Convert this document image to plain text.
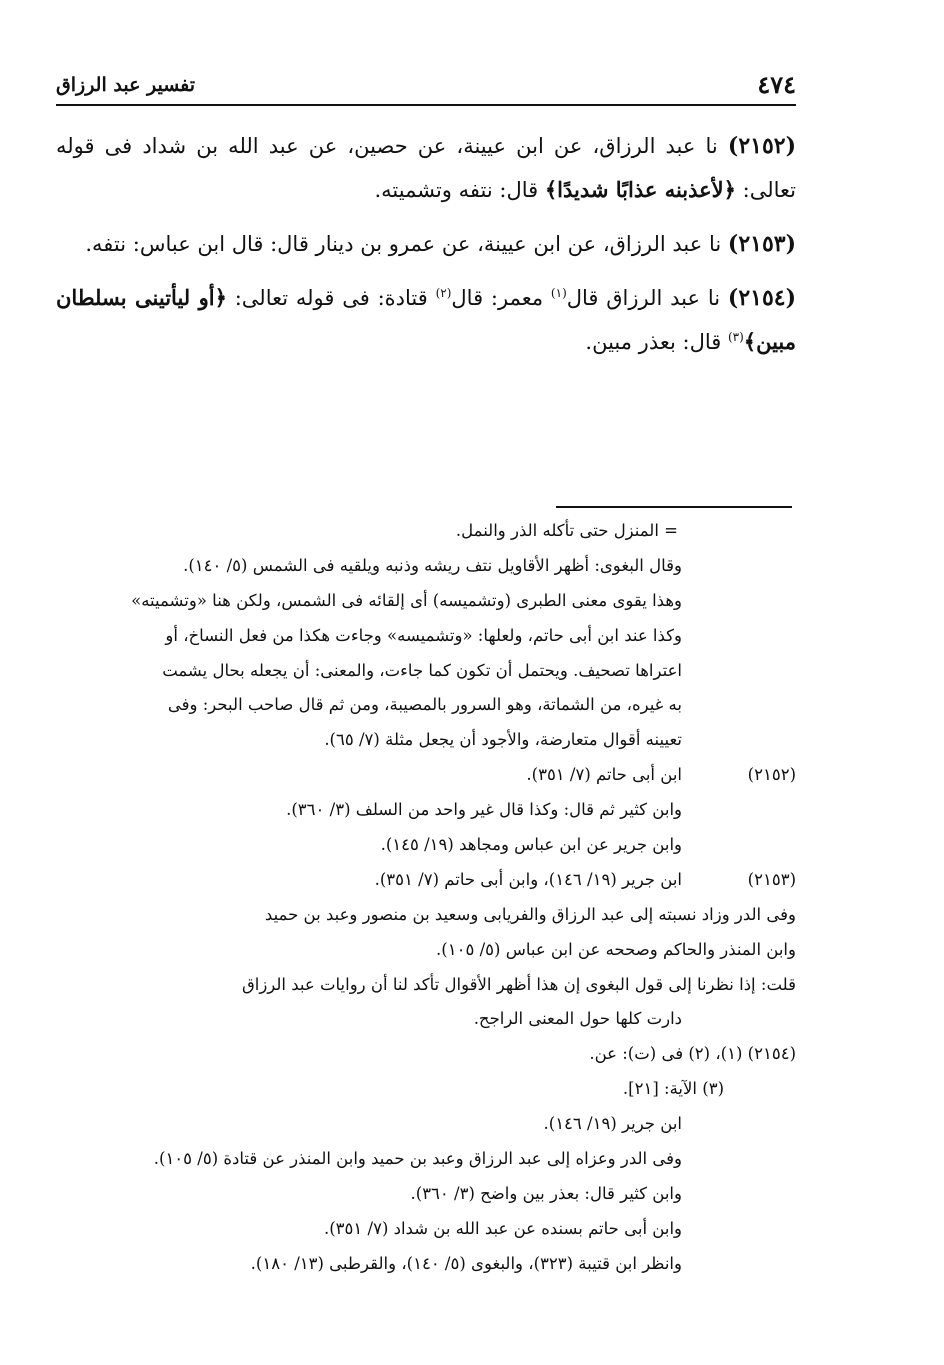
٤٧٤
تفسير عبد الرزاق

(٢١٥٢) نا عبد الرزاق، عن ابن عيينة، عن حصين، عن عبد الله بن شداد فى قوله تعالى: ﴿لأعذبنه عذابًا شديدًا﴾ قال: نتفه وتشميته.

(٢١٥٣) نا عبد الرزاق، عن ابن عيينة، عن عمرو بن دينار قال: قال ابن عباس: نتفه.

(٢١٥٤) نا عبد الرزاق قال$^{(١)}$ معمر: قال$^{(٢)}$ قتادة: فى قوله تعالى: ﴿أو ليأتينى بسلطان مبين﴾$^{(٣)}$ قال: بعذر مبين.

= المنزل حتى تأكله الذر والنمل.
وقال البغوى: أظهر الأقاويل نتف ريشه وذنبه ويلقيه فى الشمس (٥/ ١٤٠).
وهذا يقوى معنى الطبرى (وتشميسه) أى إلقائه فى الشمس، ولكن هنا «وتشميته»
وكذا عند ابن أبى حاتم، ولعلها: «وتشميسه» وجاءت هكذا من فعل النساخ، أو
اعتراها تصحيف. ويحتمل أن تكون كما جاءت، والمعنى: أن يجعله بحال يشمت
به غيره، من الشماتة، وهو السرور بالمصيبة، ومن ثم قال صاحب البحر: وفى
تعيينه أقوال متعارضة، والأجود أن يجعل مثلة (٧/ ٦٥).
(٢١٥٢)ابن أبى حاتم (٧/ ٣٥١).
وابن كثير ثم قال: وكذا قال غير واحد من السلف (٣/ ٣٦٠).
وابن جرير عن ابن عباس ومجاهد (١٩/ ١٤٥).
(٢١٥٣)ابن جرير (١٩/ ١٤٦)، وابن أبى حاتم (٧/ ٣٥١).
وفى الدر وزاد نسبته إلى عبد الرزاق والفريابى وسعيد بن منصور وعبد بن حميد
وابن المنذر والحاكم وصححه عن ابن عباس (٥/ ١٠٥).
قلت: إذا نظرنا إلى قول البغوى إن هذا أظهر الأقوال تأكد لنا أن روايات عبد الرزاق
دارت كلها حول المعنى الراجح.
(٢١٥٤) (١)، (٢) فى (ت): عن.
(٣) الآية: [٢١].
ابن جرير (١٩/ ١٤٦).
وفى الدر وعزاه إلى عبد الرزاق وعبد بن حميد وابن المنذر عن قتادة (٥/ ١٠٥).
وابن كثير قال: بعذر بين واضح (٣/ ٣٦٠).
وابن أبى حاتم بسنده عن عبد الله بن شداد (٧/ ٣٥١).
وانظر ابن قتيبة (٣٢٣)، والبغوى (٥/ ١٤٠)، والقرطبى (١٣/ ١٨٠).
